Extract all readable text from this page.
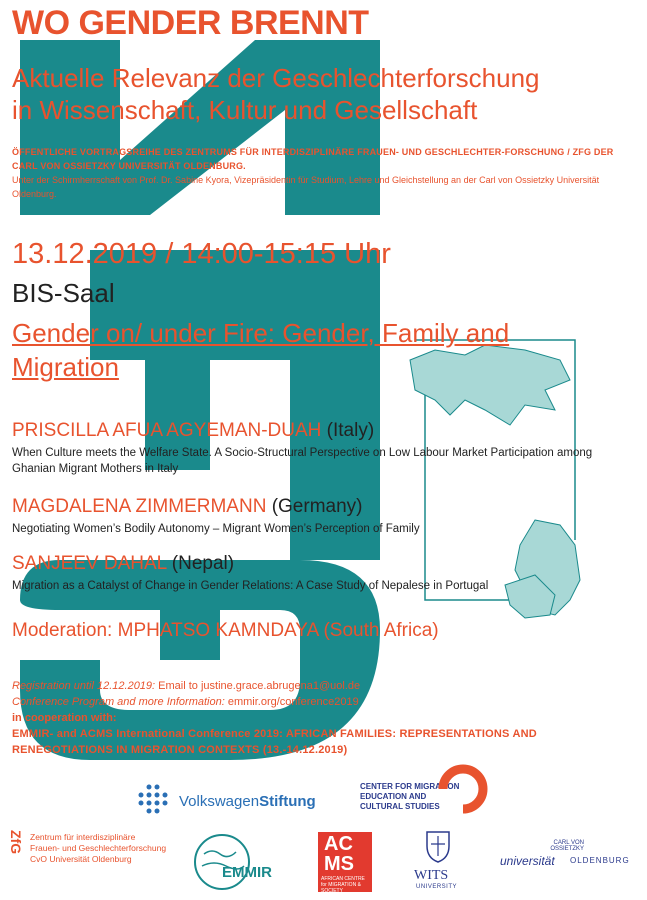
WO GENDER BRENNT
Aktuelle Relevanz der Geschlechterforschung
in Wissenschaft, Kultur und Gesellschaft
ÖFFENTLICHE VORTRAGSREIHE DES ZENTRUMS FÜR INTERDISZIPLINÄRE FRAUEN- UND GESCHLECHTER-FORSCHUNG / ZFG DER CARL VON OSSIETZKY UNIVERSITÄT OLDENBURG.
Unter der Schirmherrschaft von Prof. Dr. Sabine Kyora, Vizepräsidentin für Studium, Lehre und Gleichstellung an der Carl von Ossietzky Universität Oldenburg.
13.12.2019 / 14:00-15:15 Uhr
BIS-Saal
Gender on/ under Fire: Gender, Family and
Migration
PRISCILLA AFUA AGYEMAN-DUAH (Italy)
When Culture meets the Welfare State. A Socio-Structural Perspective on Low Labour Market Participation among Ghanian Migrant Mothers in Italy
MAGDALENA ZIMMERMANN (Germany)
Negotiating Women’s Bodily Autonomy – Migrant Women’s Perception of Family
SANJEEV DAHAL (Nepal)
Migration as a Catalyst of Change in Gender Relations: A Case Study of Nepalese in Portugal
Moderation: MPHATSO KAMNDAYA (South Africa)
Registration until 12.12.2019: Email to justine.grace.abrugena1@uol.de
Conference Program and more Information: emmir.org/conference2019
in cooperation with:
EMMIR- and ACMS International Conference 2019: AFRICAN FAMILIES: REPRESENTATIONS AND RENEGOTIATIONS IN MIGRATION CONTEXTS (13.-14.12.2019)
VolkswagenStiftung
CENTER FOR MIGRATION EDUCATION AND CULTURAL STUDIES
ZfG Zentrum für interdisziplinäre
Frauen- und Geschlechterforschung
CvO Universität Oldenburg
EMMIR
AC
MS
AFRICAN CENTRE for MIGRATION & SOCIETY
WITS
UNIVERSITY
CARL VON OSSIETZKY
universität OLDENBURG
